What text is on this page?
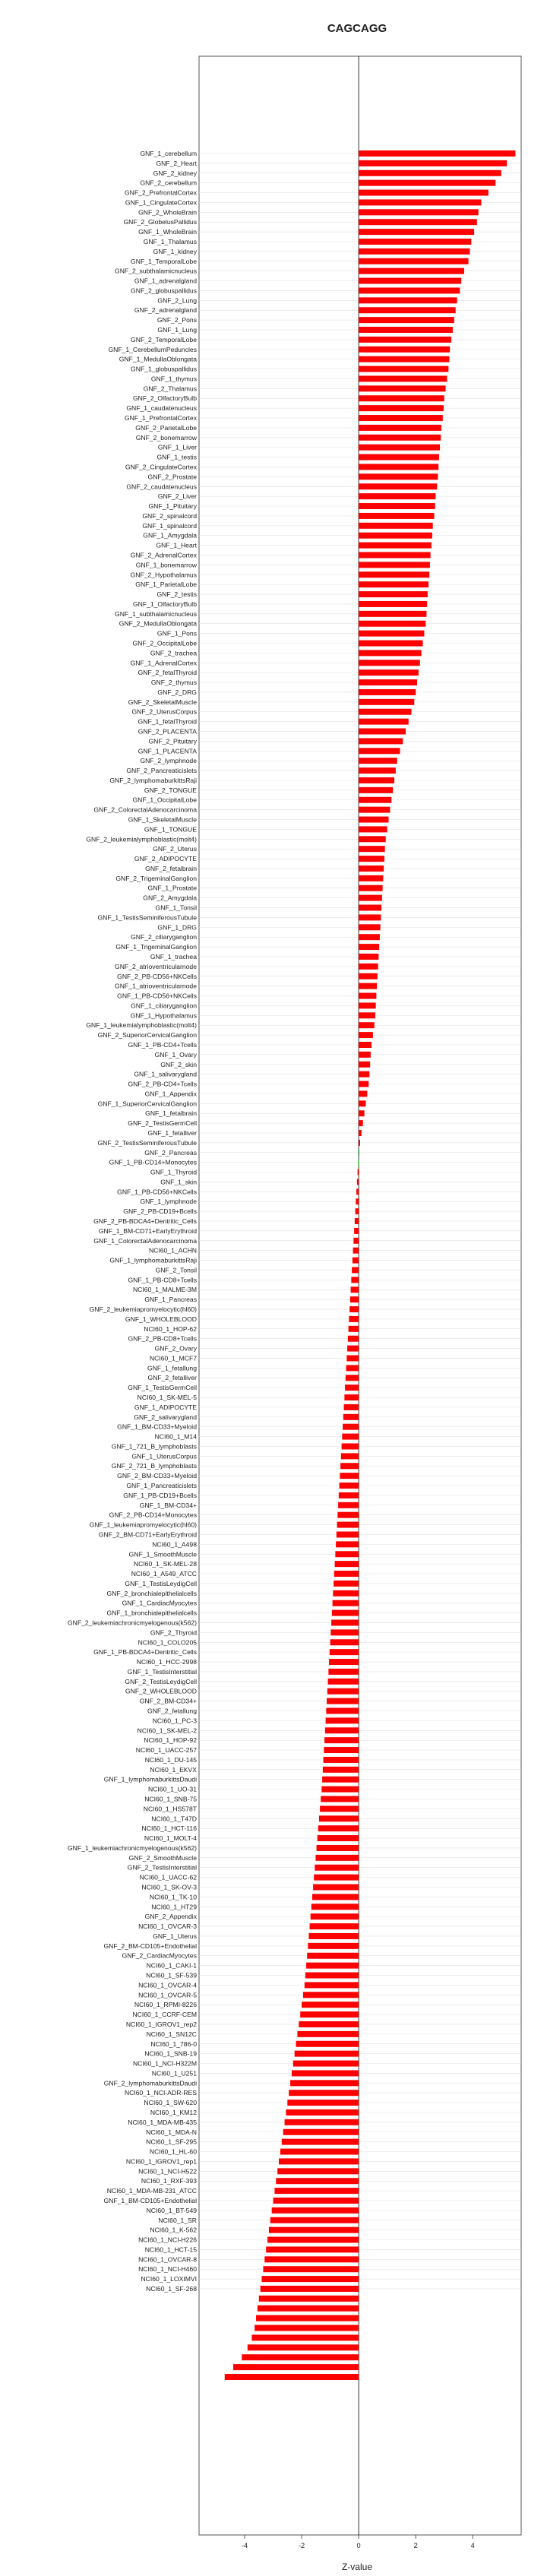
CAGCAGG
GNF_1_cerebellum
GNF_2_Heart
GNF_2_kidney
GNF_2_cerebellum
GNF_2_PrefrontalCortex
GNF_1_CingulateCortex
GNF_2_WholeBrain
GNF_2_GlobelusPallidus
GNF_1_WholeBrain
GNF_1_Thalamus
GNF_1_kidney
GNF_1_TemporalLobe
GNF_2_subthalamicnucleus
GNF_1_adrenalgland
GNF_2_globuspallidus
GNF_2_Lung
GNF_2_adrenalgland
GNF_2_Pons
GNF_1_Lung
GNF_2_TemporalLobe
GNF_1_CerebellumPeduncles
GNF_1_MedullaOblongata
GNF_1_globuspallidus
GNF_1_thymus
GNF_2_Thalamus
GNF_2_OlfactoryBulb
GNF_1_caudatenucleus
GNF_1_PrefrontalCortex
GNF_2_ParietalLobe
GNF_2_bonemarrow
GNF_1_Liver
GNF_1_testis
GNF_2_CingulateCortex
GNF_2_Prostate
GNF_2_caudatenucleus
GNF_2_Liver
GNF_1_Pituitary
GNF_2_spinalcord
GNF_1_spinalcord
GNF_1_Amygdala
GNF_1_Heart
GNF_2_AdrenalCortex
GNF_1_bonemarrow
GNF_2_Hypothalamus
GNF_1_ParietalLobe
GNF_2_testis
GNF_1_OlfactoryBulb
GNF_1_subthalamicnucleus
GNF_2_MedullaOblongata
GNF_1_Pons
GNF_2_OccipitalLobe
GNF_2_trachea
GNF_1_AdrenalCortex
GNF_2_fetalThyroid
GNF_2_thymus
GNF_2_DRG
GNF_2_SkeletalMuscle
GNF_2_UterusCorpus
GNF_1_fetalThyroid
GNF_2_PLACENTA
GNF_2_Pituitary
GNF_1_PLACENTA
GNF_2_lymphnode
GNF_2_Pancreaticislets
GNF_2_lymphomaburkittsRaji
GNF_2_TONGUE
GNF_1_OccipitalLobe
GNF_2_ColorectalAdenocarcinoma
GNF_1_SkeletalMuscle
GNF_1_TONGUE
GNF_2_leukemialymphoblastic(molt4)
GNF_2_Uterus
GNF_2_ADIPOCYTE
GNF_2_fetalbrain
GNF_2_TrigeminalGanglion
GNF_1_Prostate
GNF_2_Amygdala
GNF_1_Tonsil
GNF_1_TestisSeminiferousTubule
GNF_1_DRG
GNF_2_ciliaryganglion
GNF_1_TrigeminalGanglion
GNF_1_trachea
GNF_2_atrioventricularnode
GNF_2_PB-CD56+NKCells
GNF_1_atrioventricularnode
GNF_1_PB-CD56+NKCells
GNF_1_ciliaryganglion
GNF_1_Hypothalamus
GNF_1_leukemialymphoblastic(molt4)
GNF_2_SuperiorCervicalGanglion
GNF_1_PB-CD4+Tcells
GNF_1_Ovary
GNF_2_skin
GNF_1_salivarygland
GNF_2_PB-CD4+Tcells
GNF_1_Appendix
GNF_1_SuperiorCervicalGanglion
GNF_1_fetalbrain
GNF_2_TestisGermCell
GNF_1_fetalliver
GNF_2_TestisSeminiferousTubule
GNF_2_Pancreas
GNF_1_PB-CD14+Monocytes
GNF_1_Thyroid
GNF_1_skin
GNF_1_PB-CD56+NKCells
GNF_1_lymphnode
GNF_2_PB-CD19+Bcells
GNF_2_PB-BDCA4+Dentritic_Cells
GNF_1_BM-CD71+EarlyErythroid
GNF_1_ColorectalAdenocarcinoma
NCI60_1_ACHN
GNF_1_lymphomaburkittsRaji
GNF_2_Tonsil
GNF_1_PB-CD8+Tcells
NCI60_1_MALME-3M
GNF_1_Pancreas
GNF_2_leukemiapromyelocytic(hl60)
GNF_1_WHOLEBLOOD
NCI60_1_HOP-62
GNF_2_PB-CD8+Tcells
GNF_2_Ovary
NCI60_1_MCF7
GNF_1_fetallung
GNF_2_fetalliver
GNF_1_TestisGermCell
NCI60_1_SK-MEL-5
GNF_1_ADIPOCYTE
GNF_2_salivarygland
GNF_1_BM-CD33+Myeloid
NCI60_1_M14
GNF_1_721_B_lymphoblasts
GNF_1_UterusCorpus
GNF_2_721_B_lymphoblasts
GNF_2_BM-CD33+Myeloid
GNF_1_Pancreaticislets
GNF_1_PB-CD19+Bcells
GNF_1_BM-CD34+
GNF_2_PB-CD14+Monocytes
GNF_1_leukemiapromyelocytic(hl60)
GNF_2_BM-CD71+EarlyErythroid
NCI60_1_A498
GNF_1_SmoothMuscle
NCI60_1_SK-MEL-28
NCI60_1_A549_ATCC
GNF_1_TestisLeydigCell
GNF_2_bronchialepithelialcells
GNF_1_CardiacMyocytes
GNF_1_bronchialepithelialcells
GNF_2_leukemiachronicmyelogenous(k562)
GNF_2_Thyroid
NCI60_1_COLO205
GNF_1_PB-BDCA4+Dentritic_Cells
NCI60_1_HCC-2998
GNF_1_TestisInterstitial
GNF_2_TestisLeydigCell
GNF_2_WHOLEBLOOD
GNF_2_BM-CD34+
GNF_2_fetallung
NCI60_1_PC-3
NCI60_1_SK-MEL-2
NCI60_1_HOP-92
NCI60_1_UACC-257
NCI60_1_DU-145
NCI60_1_EKVX
GNF_1_lymphomaburkittsDaudi
NCI60_1_UO-31
NCI60_1_SNB-75
NCI60_1_HS578T
NCI60_1_T47D
NCI60_1_HCT-116
NCI60_1_MOLT-4
GNF_1_leukemiachronicmyelogenous(k562)
GNF_2_SmoothMuscle
GNF_2_TestisInterstitial
NCI60_1_UACC-62
NCI60_1_SK-OV-3
NCI60_1_TK-10
NCI60_1_HT29
GNF_2_Appendix
NCI60_1_OVCAR-3
GNF_1_Uterus
GNF_2_BM-CD105+Endothelial
GNF_2_CardiacMyocytes
NCI60_1_CAKI-1
NCI60_1_SF-539
NCI60_1_OVCAR-4
NCI60_1_OVCAR-5
NCI60_1_RPMI-8226
NCI60_1_CCRF-CEM
NCI60_1_IGROV1_rep2
NCI60_1_SN12C
NCI60_1_786-0
NCI60_1_SNB-19
NCI60_1_NCI-H322M
NCI60_1_U251
GNF_2_lymphomaburkittsDaudi
NCI60_1_NCI-ADR-RES
NCI60_1_SW-620
NCI60_1_KM12
NCI60_1_MDA-MB-435
NCI60_1_MDA-N
NCI60_1_SF-295
NCI60_1_HL-60
NCI60_1_IGROV1_rep1
NCI60_1_NCI-H522
NCI60_1_RXF-393
NCI60_1_MDA-MB-231_ATCC
GNF_1_BM-CD105+Endothelial
NCI60_1_BT-549
NCI60_1_SR
NCI60_1_K-562
NCI60_1_NCI-H226
NCI60_1_HCT-15
NCI60_1_OVCAR-8
NCI60_1_NCI-H460
NCI60_1_LOXIMVI
NCI60_1_SF-268
-4	-2	0	2	4
Z-value
